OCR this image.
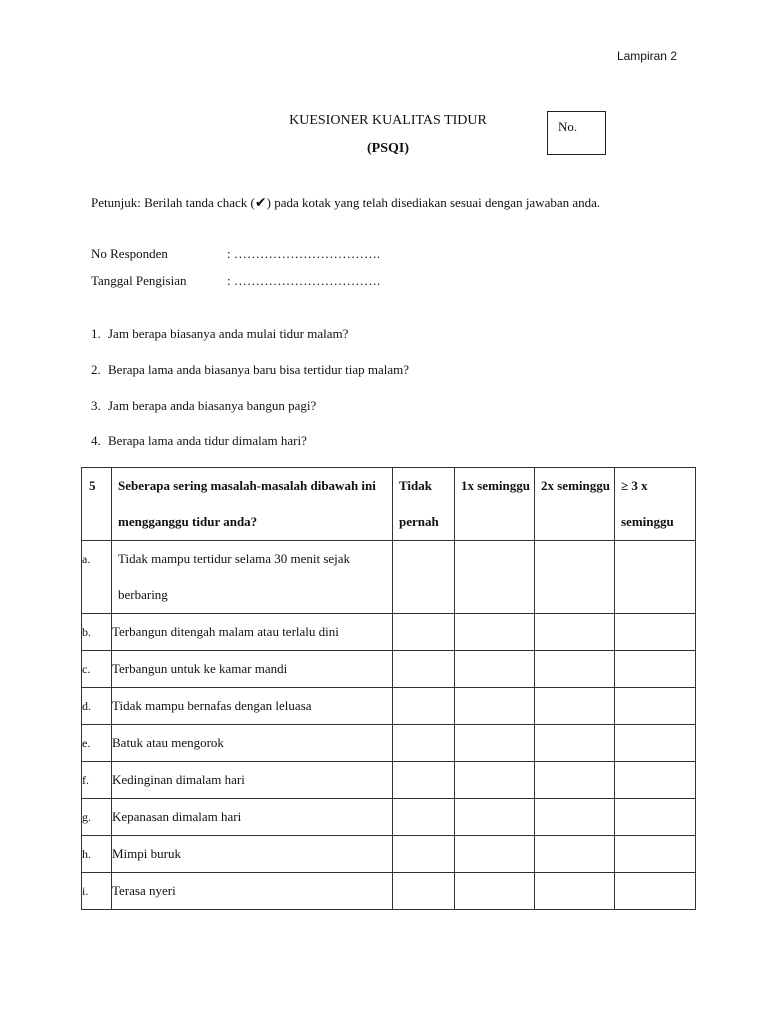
Lampiran 2
KUESIONER KUALITAS TIDUR
(PSQI)
No.
Petunjuk: Berilah tanda chack (✔) pada kotak yang telah disediakan sesuai dengan jawaban anda.
No Responden	: …………………………….
Tanggal Pengisian	: …………………………….
1. Jam berapa biasanya anda mulai tidur malam?
2. Berapa lama anda biasanya baru bisa tertidur tiap malam?
3. Jam berapa anda biasanya bangun pagi?
4. Berapa lama anda tidur dimalam hari?
5	Seberapa sering masalah-masalah dibawah ini mengganggu tidur anda?	Tidak pernah	1x seminggu	2x seminggu	≥ 3 x seminggu
a.	Tidak mampu tertidur selama 30 menit sejak berbaring				
b.	Terbangun ditengah malam atau terlalu dini				
c.	Terbangun untuk ke kamar mandi				
d.	Tidak mampu bernafas dengan leluasa				
e.	Batuk atau mengorok				
f.	Kedinginan dimalam hari				
g.	Kepanasan dimalam hari				
h.	Mimpi buruk				
i.	Terasa nyeri				
